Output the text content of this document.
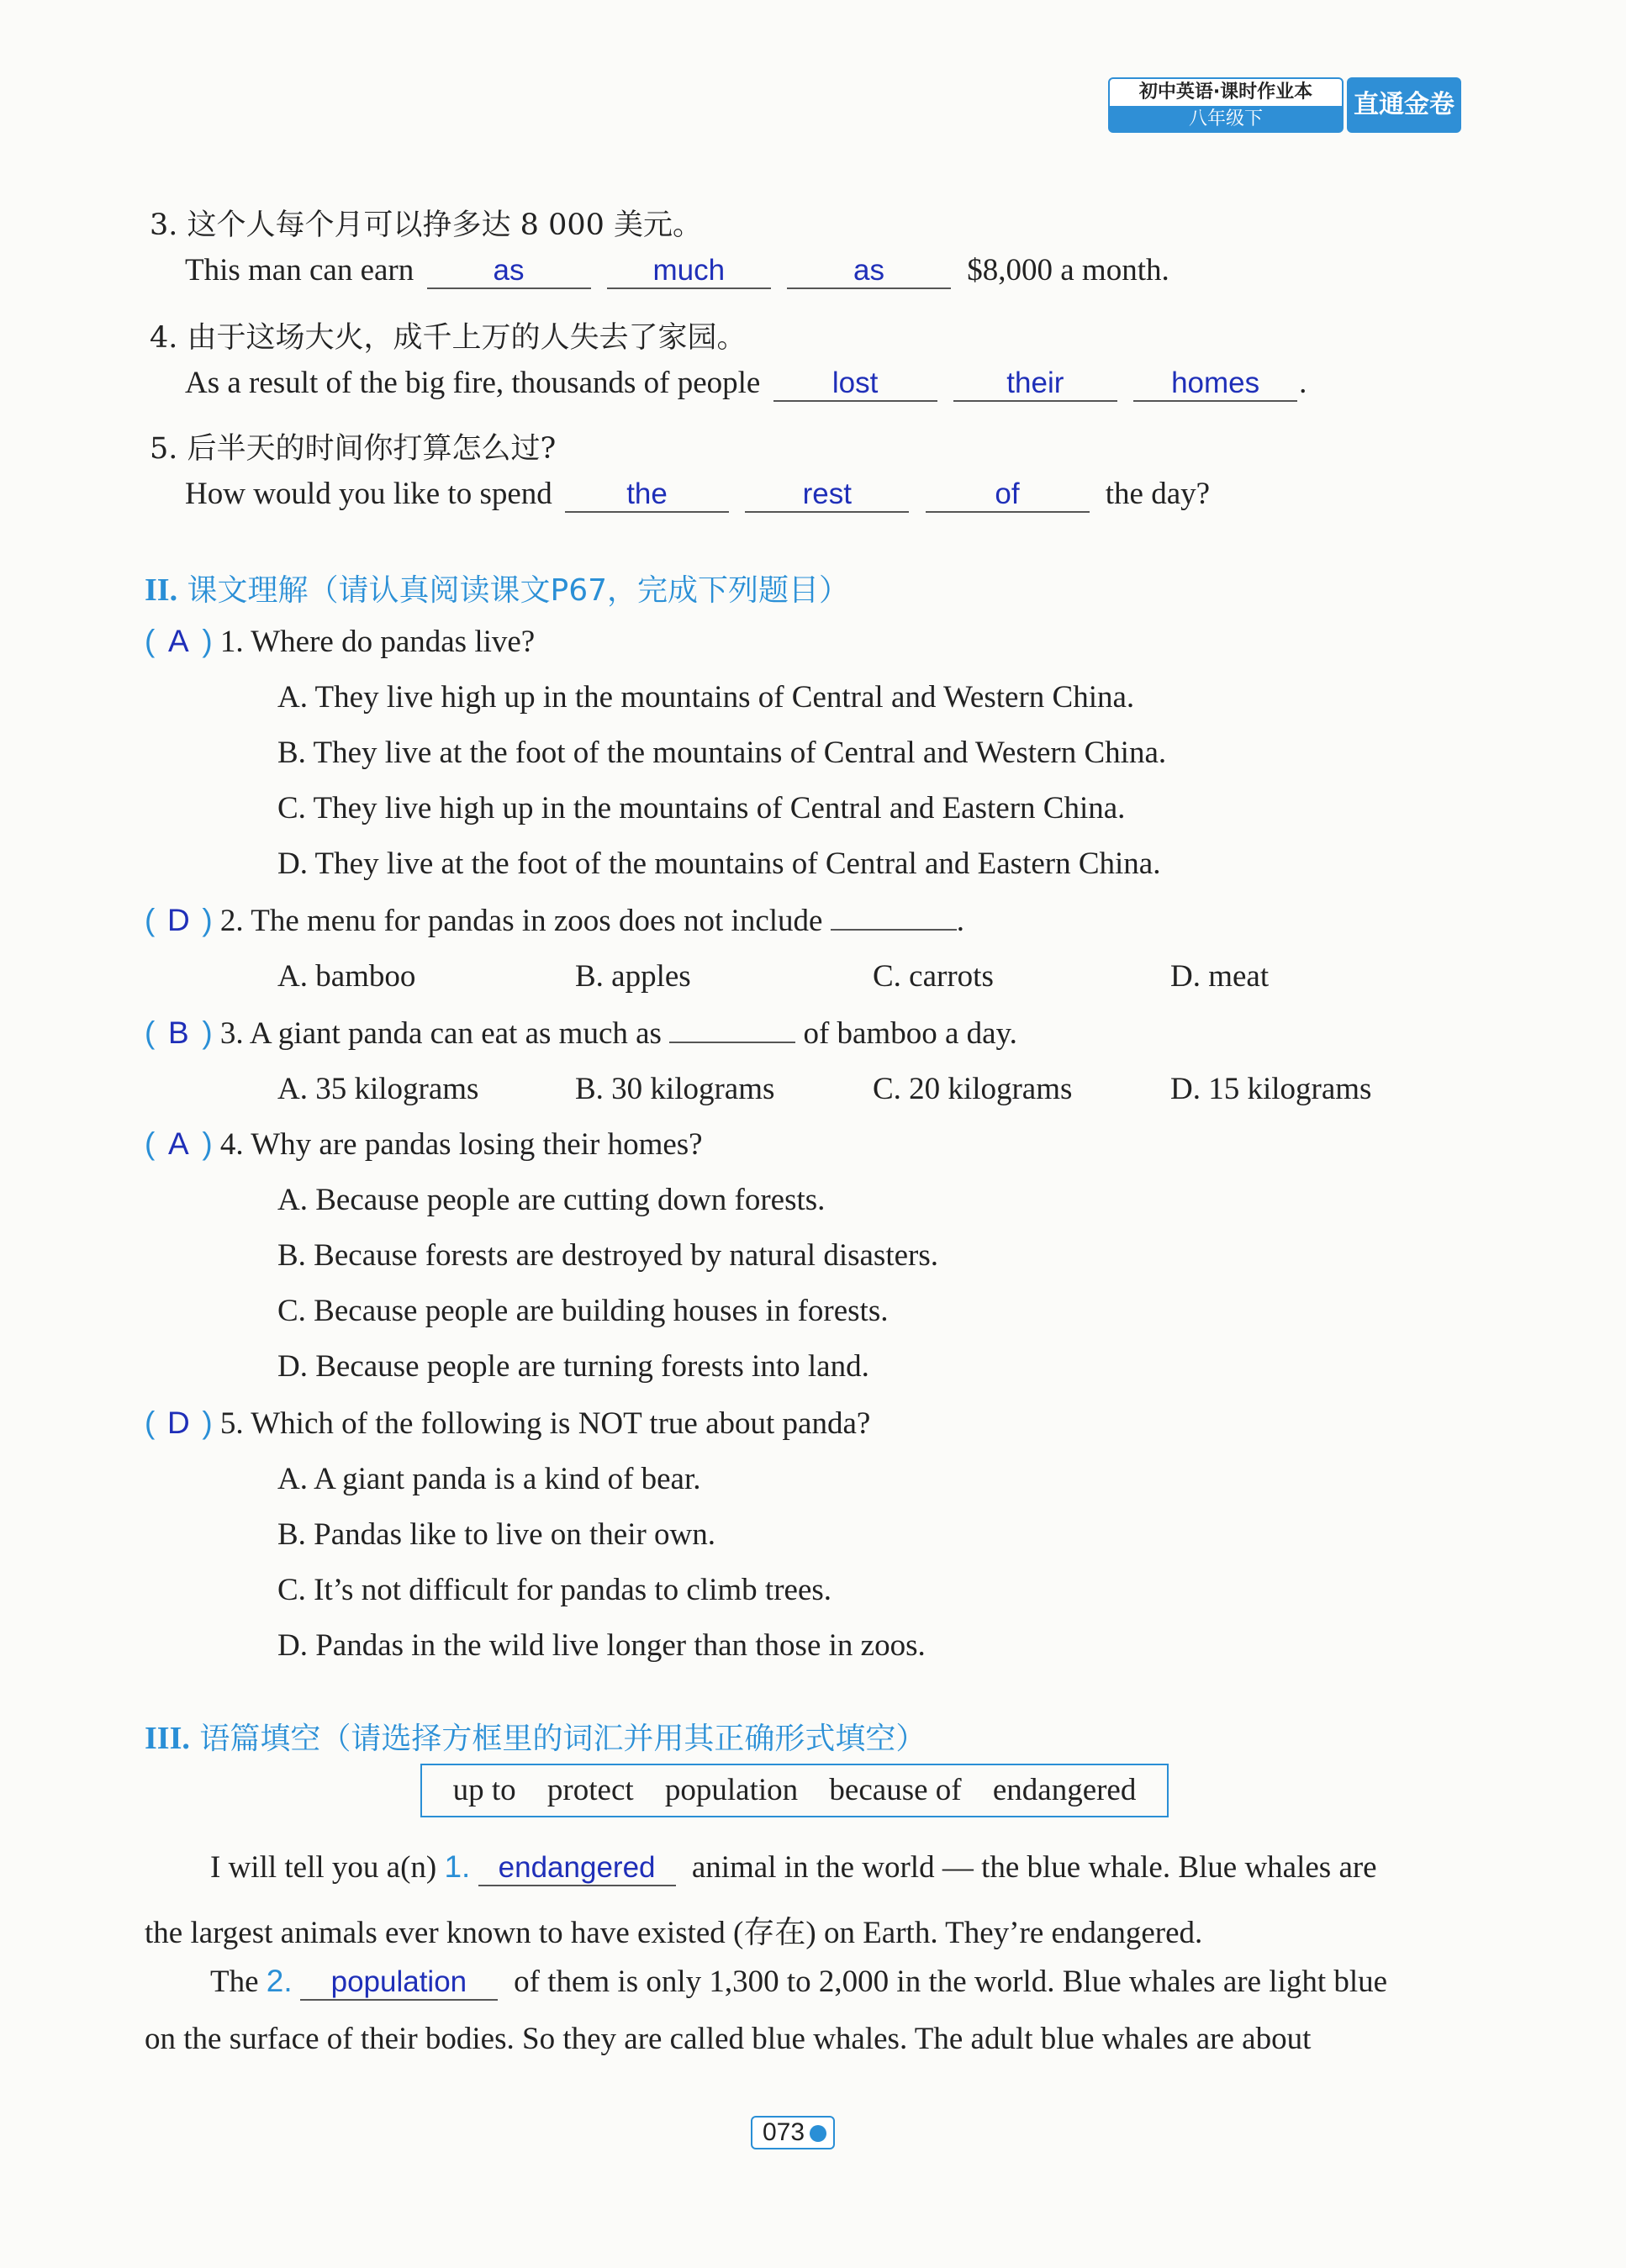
初中英语·课时作业本
八年级下	直通金卷
3. 这个人每个月可以挣多达 8 000 美元。
This man can earn	as	much	as	$8,000 a month.
4. 由于这场大火，成千上万的人失去了家园。
As a result of the big fire, thousands of people lost	their	homes .
5. 后半天的时间你打算怎么过?
How would you like to spend	the	rest	of	the day?
II. 课文理解（请认真阅读课文P67，完成下列题目）
( A ) 1. Where do pandas live?
A. They live high up in the mountains of Central and Western China.
B. They live at the foot of the mountains of Central and Western China.
C. They live high up in the mountains of Central and Eastern China.
D. They live at the foot of the mountains of Central and Eastern China.
( D ) 2. The menu for pandas in zoos does not include	.
A. bamboo	B. apples	C. carrots	D. meat
( B ) 3. A giant panda can eat as much as	of bamboo a day.
A. 35 kilograms	B. 30 kilograms	C. 20 kilograms	D. 15 kilograms
( A ) 4. Why are pandas losing their homes?
A. Because people are cutting down forests.
B. Because forests are destroyed by natural disasters.
C. Because people are building houses in forests.
D. Because people are turning forests into land.
( D ) 5. Which of the following is NOT true about panda?
A. A giant panda is a kind of bear.
B. Pandas like to live on their own.
C. It’s not difficult for pandas to climb trees.
D. Pandas in the wild live longer than those in zoos.
III. 语篇填空（请选择方框里的词汇并用其正确形式填空）
up to protect population because of endangered
I will tell you a(n) 1. endangered animal in the world — the blue whale. Blue whales are
the largest animals ever known to have existed (存在) on Earth. They’re endangered.
The 2. population of them is only 1,300 to 2,000 in the world. Blue whales are light blue
on the surface of their bodies. So they are called blue whales. The adult blue whales are about
073
